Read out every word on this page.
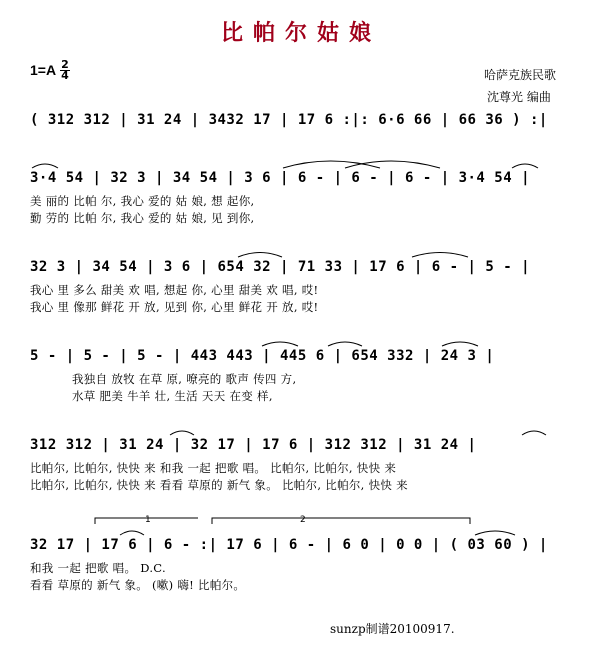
比帕尔姑娘
1=A 2
4	哈萨克族民歌
沈尊光 编曲
( 312 312 | 31 24 | 3432 17 | 17 6 :|: 6·6 66 | 66 36 ) :|
3·4 54 | 32 3 | 34 54 | 3 6 | 6 - | 6 - | 6 - | 3·4 54 |
美 丽的 比帕 尔, 我心 爱的 姑 娘, 想 起你,
勤 劳的 比帕 尔, 我心 爱的 姑 娘, 见 到你,
32 3 | 34 54 | 3 6 | 654 32 | 71 33 | 17 6 | 6 - | 5 - |
我心 里 多么 甜美 欢 唱, 想起 你, 心里 甜美 欢 唱, 哎!
我心 里 像那 鲜花 开 放, 见到 你, 心里 鲜花 开 放, 哎!
5 - | 5 - | 5 - | 443 443 | 445 6 | 654 332 | 24 3 |
我独自 放牧 在草 原, 嘹亮的 歌声 传四 方,
水草 肥美 牛羊 壮, 生活 天天 在变 样,
312 312 | 31 24 | 32 17 | 17 6 | 312 312 | 31 24 |
比帕尔, 比帕尔, 快快 来 和我 一起 把歌 唱。 比帕尔, 比帕尔, 快快 来
比帕尔, 比帕尔, 快快 来 看看 草原的 新气 象。 比帕尔, 比帕尔, 快快 来
32 17 | 17 6 | 6 - :| 17 6 | 6 - | 6 0 | 0 0 | ( 03 60 ) |
和我 一起 把歌 唱。 D.C.
看看 草原的 新气 象。 (嗽) 嗨! 比帕尔。
1	2
sunzp制谱20100917.
